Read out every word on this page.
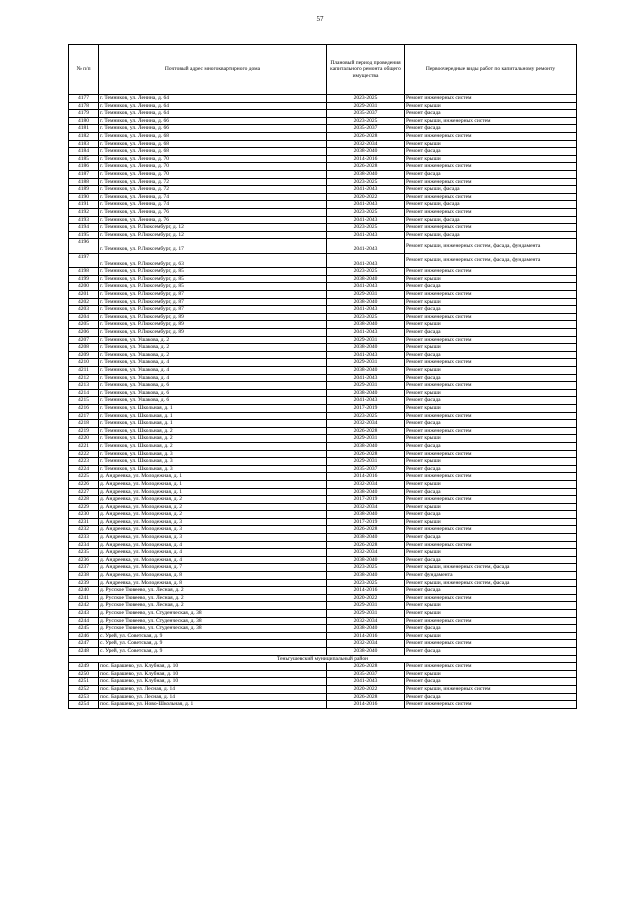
57
№ п/п	Почтовый адрес многоквартирного дома	Плановый период проведения капитального ремонта общего имущества	Первоочередные виды работ по капитальному ремонту
4177	г. Темников, ул. Ленина, д. 64	2023-2025	Ремонт инженерных систем
4178	г. Темников, ул. Ленина, д. 64	2029-2031	Ремонт крыши
4179	г. Темников, ул. Ленина, д. 64	2035-2037	Ремонт фасада
4180	г. Темников, ул. Ленина, д. 66	2023-2025	Ремонт крыши, инженерных систем
4181	г. Темников, ул. Ленина, д. 66	2035-2037	Ремонт фасада
4182	г. Темников, ул. Ленина, д. 68	2026-2028	Ремонт инженерных систем
4183	г. Темников, ул. Ленина, д. 68	2032-2034	Ремонт крыши
4184	г. Темников, ул. Ленина, д. 68	2038-2040	Ремонт фасада
4185	г. Темников, ул. Ленина, д. 70	2014-2016	Ремонт крыши
4186	г. Темников, ул. Ленина, д. 70	2026-2028	Ремонт инженерных систем
4187	г. Темников, ул. Ленина, д. 70	2038-2040	Ремонт фасада
4188	г. Темников, ул. Ленина, д. 72	2023-2025	Ремонт инженерных систем
4189	г. Темников, ул. Ленина, д. 72	2041-2043	Ремонт крыши, фасада
4190	г. Темников, ул. Ленина, д. 74	2020-2022	Ремонт инженерных систем
4191	г. Темников, ул. Ленина, д. 74	2041-2043	Ремонт крыши, фасада
4192	г. Темников, ул. Ленина, д. 76	2023-2025	Ремонт инженерных систем
4193	г. Темников, ул. Ленина, д. 76	2041-2043	Ремонт крыши, фасада
4194	г. Темников, ул. Р.Люксембург, д. 12	2023-2025	Ремонт инженерных систем
4195	г. Темников, ул. Р.Люксембург, д. 12	2041-2043	Ремонт крыши, фасада
4196	г. Темников, ул. Р.Люксембург, д. 17	2041-2043	Ремонт крыши, инженерных систем, фасада, фундамента
4197	г. Темников, ул. Р.Люксембург, д. 63	2041-2043	Ремонт крыши, инженерных систем, фасада, фундамента
4198	г. Темников, ул. Р.Люксембург, д. 85	2023-2025	Ремонт инженерных систем
4199	г. Темников, ул. Р.Люксембург, д. 85	2038-2040	Ремонт крыши
4200	г. Темников, ул. Р.Люксембург, д. 85	2041-2043	Ремонт фасада
4201	г. Темников, ул. Р.Люксембург, д. 87	2029-2031	Ремонт инженерных систем
4202	г. Темников, ул. Р.Люксембург, д. 87	2038-2040	Ремонт крыши
4203	г. Темников, ул. Р.Люксембург, д. 87	2041-2043	Ремонт фасада
4204	г. Темников, ул. Р.Люксембург, д. 89	2023-2025	Ремонт инженерных систем
4205	г. Темников, ул. Р.Люксембург, д. 89	2038-2040	Ремонт крыши
4206	г. Темников, ул. Р.Люксембург, д. 89	2041-2043	Ремонт фасада
4207	г. Темников, ул. Ушакова, д. 2	2029-2031	Ремонт инженерных систем
4208	г. Темников, ул. Ушакова, д. 2	2038-2040	Ремонт крыши
4209	г. Темников, ул. Ушакова, д. 2	2041-2043	Ремонт фасада
4210	г. Темников, ул. Ушакова, д. 4	2029-2031	Ремонт инженерных систем
4211	г. Темников, ул. Ушакова, д. 4	2038-2040	Ремонт крыши
4212	г. Темников, ул. Ушакова, д. 4	2041-2043	Ремонт фасада
4213	г. Темников, ул. Ушакова, д. 6	2029-2031	Ремонт инженерных систем
4214	г. Темников, ул. Ушакова, д. 6	2038-2040	Ремонт крыши
4215	г. Темников, ул. Ушакова, д. 6	2041-2043	Ремонт фасада
4216	г. Темников, ул. Школьная, д. 1	2017-2019	Ремонт крыши
4217	г. Темников, ул. Школьная, д. 1	2023-2025	Ремонт инженерных систем
4218	г. Темников, ул. Школьная, д. 1	2032-2034	Ремонт фасада
4219	г. Темников, ул. Школьная, д. 2	2026-2028	Ремонт инженерных систем
4220	г. Темников, ул. Школьная, д. 2	2029-2031	Ремонт крыши
4221	г. Темников, ул. Школьная, д. 2	2038-2040	Ремонт фасада
4222	г. Темников, ул. Школьная, д. 3	2026-2028	Ремонт инженерных систем
4223	г. Темников, ул. Школьная, д. 3	2029-2031	Ремонт крыши
4224	г. Темников, ул. Школьная, д. 3	2035-2037	Ремонт фасада
4225	д. Андреевка, ул. Молодежная, д. 1	2014-2016	Ремонт инженерных систем
4226	д. Андреевка, ул. Молодежная, д. 1	2032-2034	Ремонт крыши
4227	д. Андреевка, ул. Молодежная, д. 1	2038-2040	Ремонт фасада
4228	д. Андреевка, ул. Молодежная, д. 2	2017-2019	Ремонт инженерных систем
4229	д. Андреевка, ул. Молодежная, д. 2	2032-2034	Ремонт крыши
4230	д. Андреевка, ул. Молодежная, д. 2	2038-2040	Ремонт фасада
4231	д. Андреевка, ул. Молодежная, д. 3	2017-2019	Ремонт крыши
4232	д. Андреевка, ул. Молодежная, д. 3	2026-2028	Ремонт инженерных систем
4233	д. Андреевка, ул. Молодежная, д. 3	2038-2040	Ремонт фасада
4234	д. Андреевка, ул. Молодежная, д. 4	2026-2028	Ремонт инженерных систем
4235	д. Андреевка, ул. Молодежная, д. 4	2032-2034	Ремонт крыши
4236	д. Андреевка, ул. Молодежная, д. 4	2038-2040	Ремонт фасада
4237	д. Андреевка, ул. Молодежная, д. 7	2023-2025	Ремонт крыши, инженерных систем, фасада
4238	д. Андреевка, ул. Молодежная, д. 8	2038-2040	Ремонт фундамента
4239	д. Андреевка, ул. Молодежная, д. 8	2023-2025	Ремонт крыши, инженерных систем, фасада
4240	д. Русское Тювеево, ул. Лесная, д. 2	2014-2016	Ремонт фасада
4241	д. Русское Тювеево, ул. Лесная, д. 2	2020-2022	Ремонт инженерных систем
4242	д. Русское Тювеево, ул. Лесная, д. 2	2029-2031	Ремонт крыши
4243	д. Русское Тювеево, ул. Студенческая, д. 38	2029-2031	Ремонт крыши
4244	д. Русское Тювеево, ул. Студенческая, д. 38	2032-2034	Ремонт инженерных систем
4245	д. Русское Тювеево, ул. Студенческая, д. 38	2038-2040	Ремонт фасада
4246	с. Урей, ул. Советская, д. 9	2014-2016	Ремонт крыши
4247	с. Урей, ул. Советская, д. 9	2032-2034	Ремонт инженерных систем
4248	с. Урей, ул. Советская, д. 9	2038-2040	Ремонт фасада
Теньгушевский муниципальный район			
4249	пос. Барашево, ул. Клубная, д. 10	2026-2028	Ремонт инженерных систем
4250	пос. Барашево, ул. Клубная, д. 10	2035-2037	Ремонт крыши
4251	пос. Барашево, ул. Клубная, д. 10	2041-2043	Ремонт фасада
4252	пос. Барашево, ул. Лесная, д. 14	2020-2022	Ремонт крыши, инженерных систем
4253	пос. Барашево, ул. Лесная, д. 14	2026-2028	Ремонт фасада
4254	пос. Барашево, ул. Ново-Школьная, д. 1	2014-2016	Ремонт инженерных систем
